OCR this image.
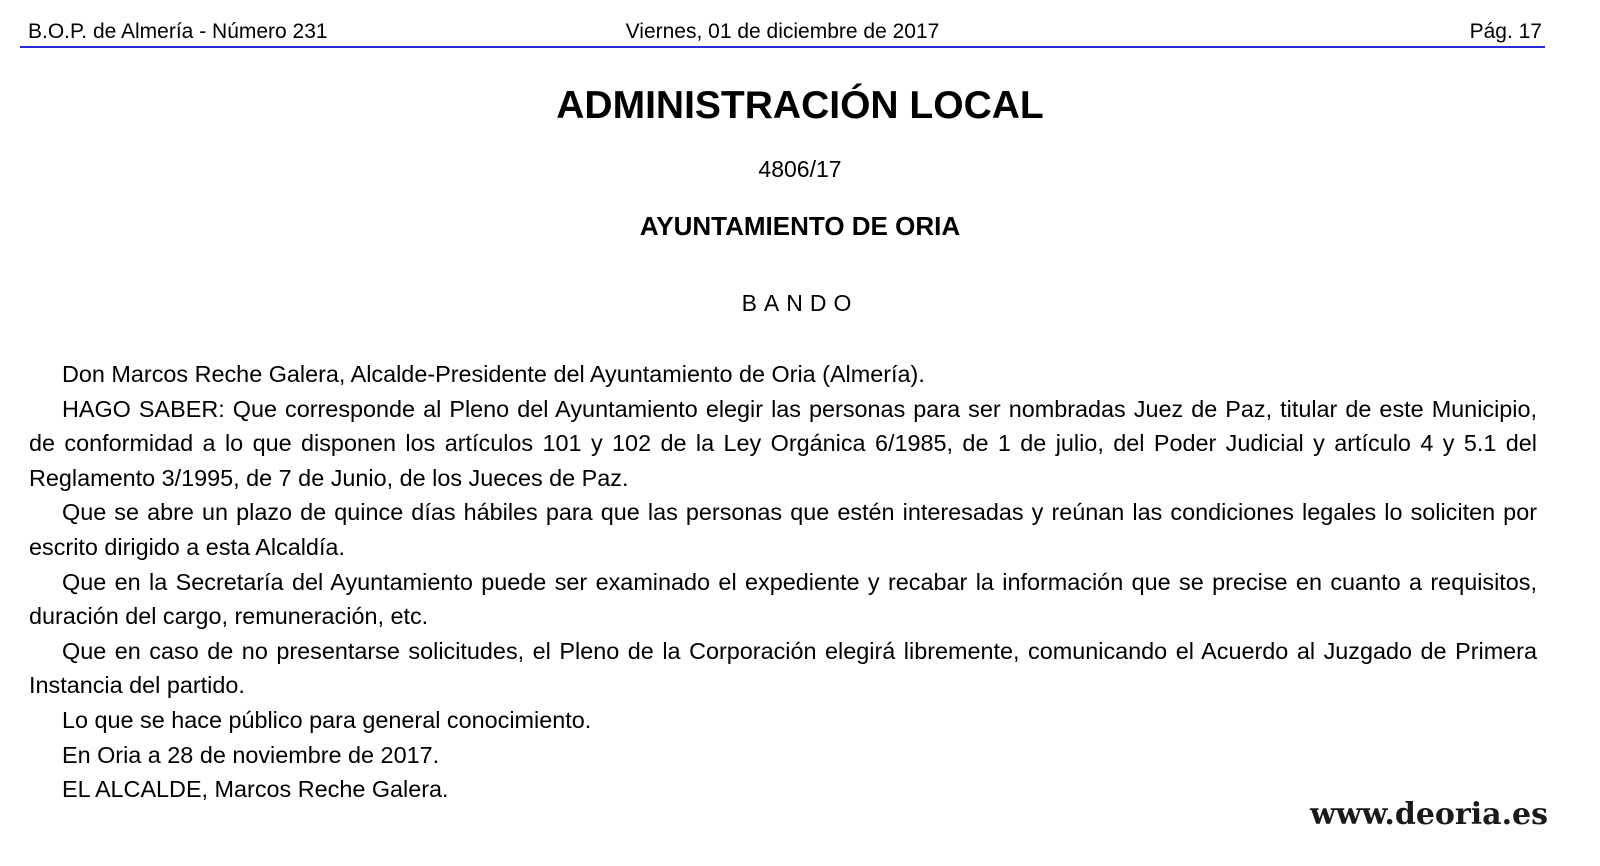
B.O.P. de Almería - Número 231	Viernes, 01 de diciembre de 2017	Pág. 17
ADMINISTRACIÓN LOCAL
4806/17
AYUNTAMIENTO DE ORIA
BANDO

Don Marcos Reche Galera, Alcalde-Presidente del Ayuntamiento de Oria (Almería).

HAGO SABER: Que corresponde al Pleno del Ayuntamiento elegir las personas para ser nombradas Juez de Paz, titular de este Municipio, de conformidad a lo que disponen los artículos 101 y 102 de la Ley Orgánica 6/1985, de 1 de julio, del Poder Judicial y artículo 4 y 5.1 del Reglamento 3/1995, de 7 de Junio, de los Jueces de Paz.

Que se abre un plazo de quince días hábiles para que las personas que estén interesadas y reúnan las condiciones legales lo soliciten por escrito dirigido a esta Alcaldía.

Que en la Secretaría del Ayuntamiento puede ser examinado el expediente y recabar la información que se precise en cuanto a requisitos, duración del cargo, remuneración, etc.

Que en caso de no presentarse solicitudes, el Pleno de la Corporación elegirá libremente, comunicando el Acuerdo al Juzgado de Primera Instancia del partido.

Lo que se hace público para general conocimiento.

En Oria a 28 de noviembre de 2017.

EL ALCALDE, Marcos Reche Galera.

www.deoria.es
